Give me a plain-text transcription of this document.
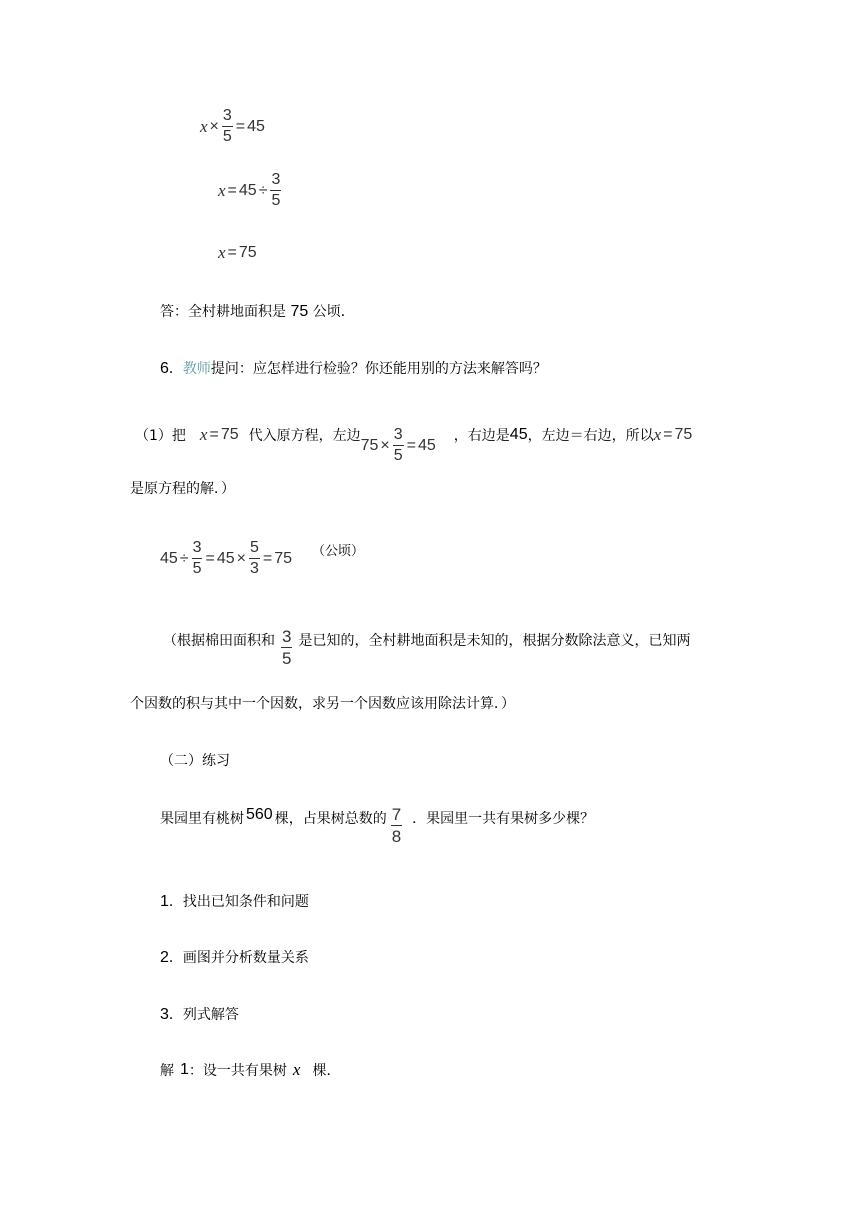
$x \times \frac{3}{5} = 45$
$x = 45 \div \frac{3}{5}$
x = 75
答：全村耕地面积是 75 公顷．
6．教师提问：应怎样进行检验？你还能用别的方法来解答吗？
（1）把 x = 75 代入原方程，左边
$75 \times \frac{3}{5} = 45$
，右边是 45 ，左边＝右边，所以 x = 75
是原方程的解．）
$45 \div \frac{3}{5} = 45 \times \frac{5}{3} = 75$ （公顷）
（根据棉田面积和 $\frac{3}{5}$ 是已知的，全村耕地面积是未知的，根据分数除法意义，已知两
个因数的积与其中一个因数，求另一个因数应该用除法计算．）
（二）练习
果园里有桃树 560 棵，占果树总数的 $\frac{7}{8}$ ．果园里一共有果树多少棵？
1．找出已知条件和问题
2．画图并分析数量关系
3．列式解答
解 1 ：设一共有果树 x 棵．
